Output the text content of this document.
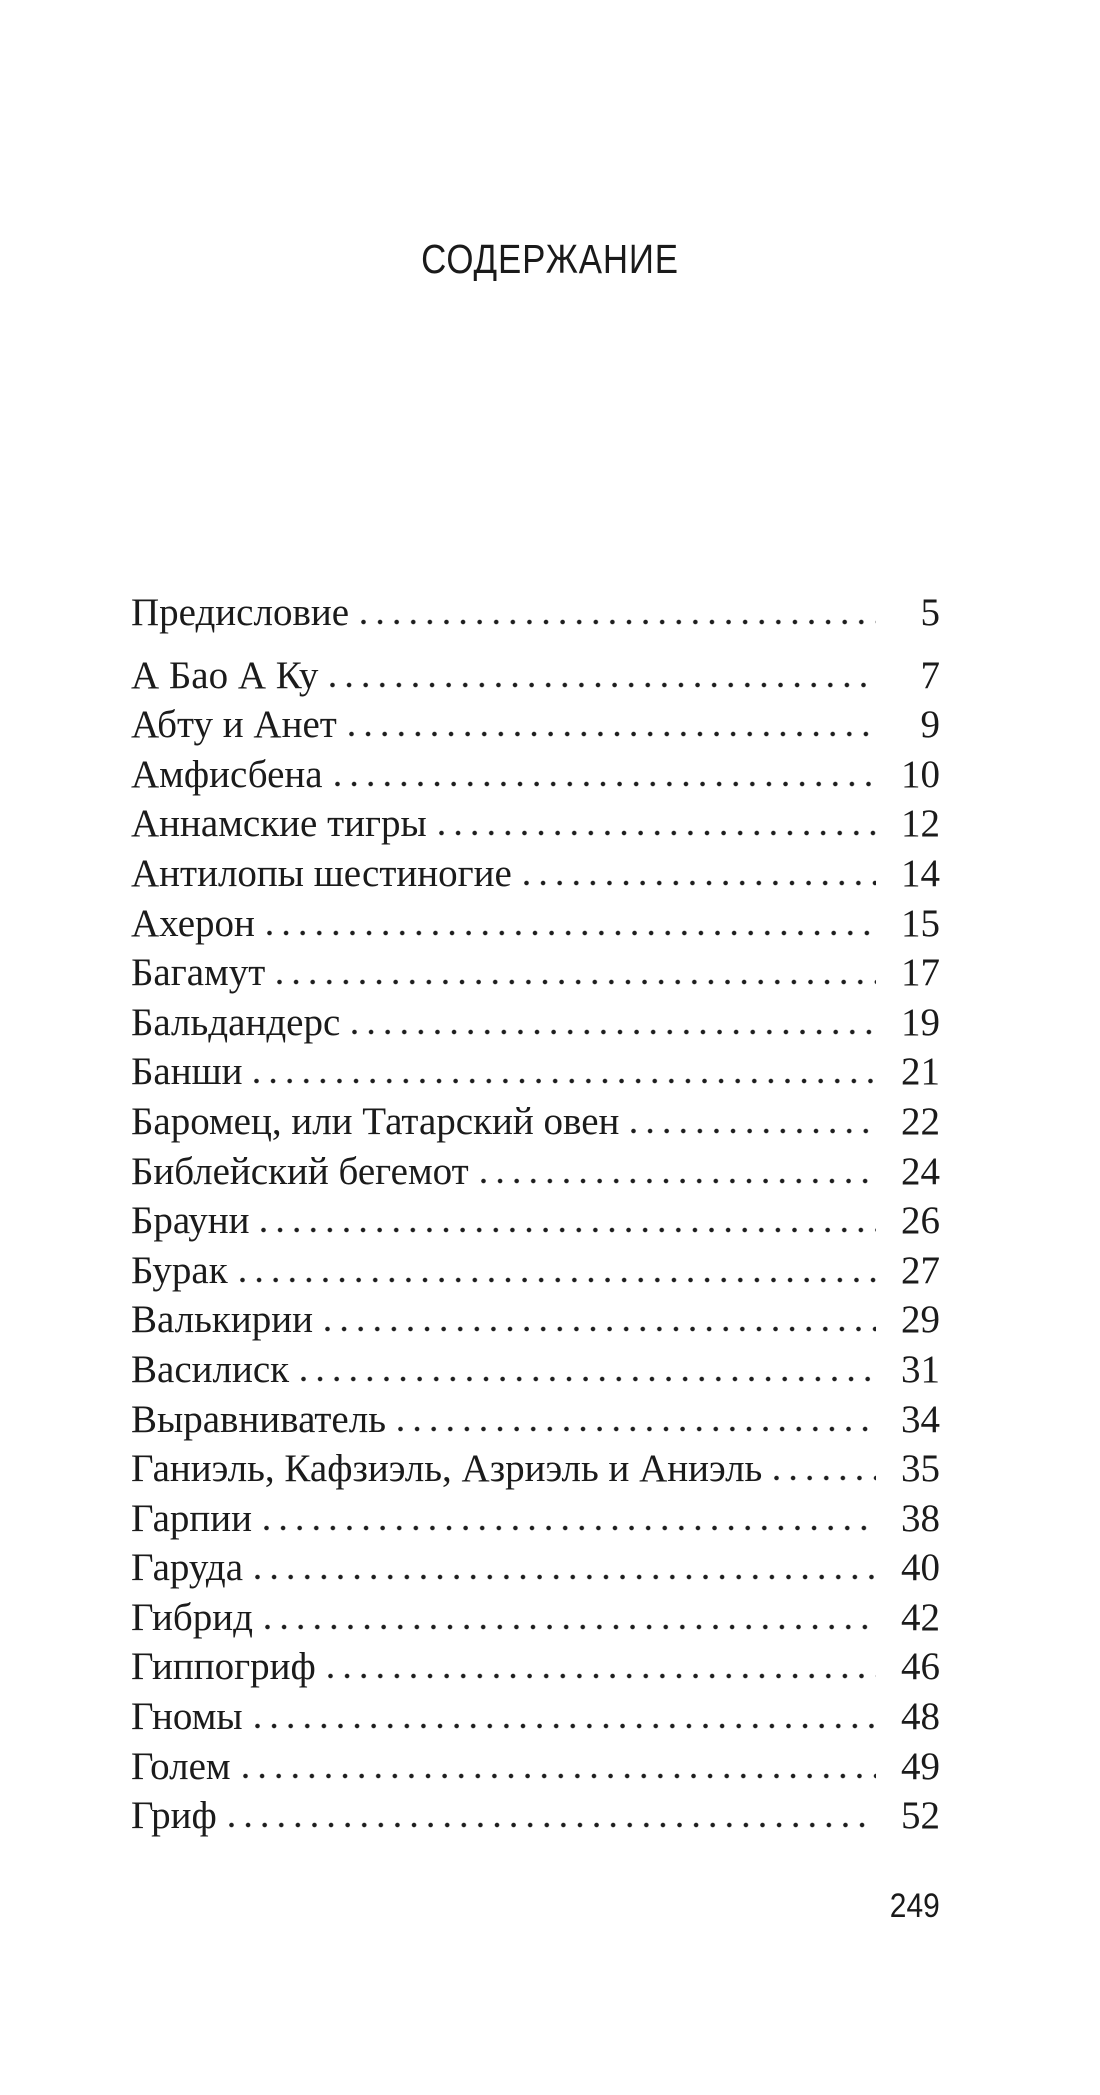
СОДЕРЖАНИЕ
Предисловие	5
А Бао А Ку	7
Абту и Анет	9
Амфисбена	10
Аннамские тигры	12
Антилопы шестиногие	14
Ахерон	15
Багамут	17
Бальдандерс	19
Банши	21
Баромец, или Татарский овен	22
Библейский бегемот	24
Брауни	26
Бурак	27
Валькирии	29
Василиск	31
Выравниватель	34
Ганиэль, Кафзиэль, Азриэль и Аниэль	35
Гарпии	38
Гаруда	40
Гибрид	42
Гиппогриф	46
Гномы	48
Голем	49
Гриф	52
249
